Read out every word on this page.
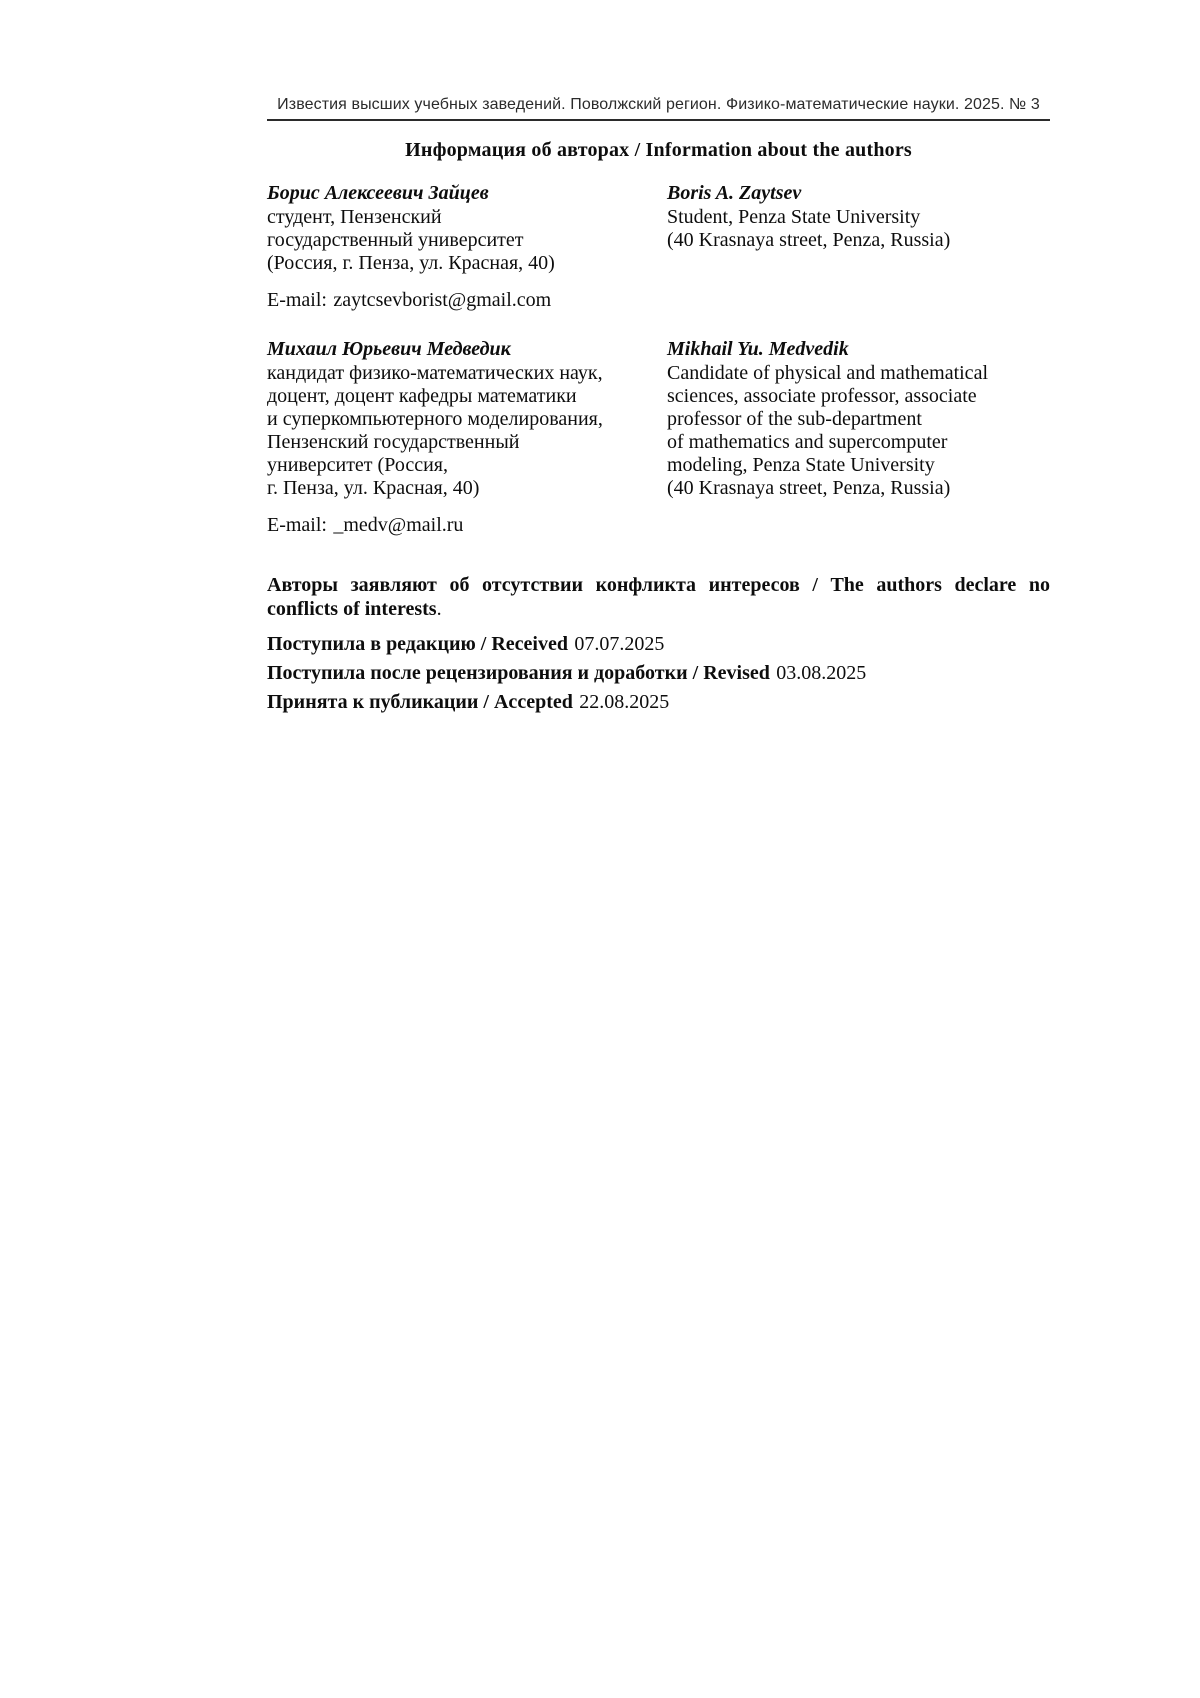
Известия высших учебных заведений. Поволжский регион. Физико-математические науки. 2025. № 3
Информация об авторах / Information about the authors

Борис Алексеевич Зайцев

студент, Пензенский

государственный университет

(Россия, г. Пенза, ул. Красная, 40)

Boris A. Zaytsev

Student, Penza State University

(40 Krasnaya street, Penza, Russia)

E-mail: zaytcsevborist@gmail.com

Михаил Юрьевич Медведик

кандидат физико-математических наук,

доцент, доцент кафедры математики

и суперкомпьютерного моделирования,

Пензенский государственный

университет (Россия,

г. Пенза, ул. Красная, 40)

Mikhail Yu. Medvedik

Candidate of physical and mathematical

sciences, associate professor, associate

professor of the sub-department

of mathematics and supercomputer

modeling, Penza State University

(40 Krasnaya street, Penza, Russia)

E-mail: _medv@mail.ru

Авторы заявляют об отсутствии конфликта интересов / The authors declare no conflicts of interests.

Поступила в редакцию / Received 07.07.2025

Поступила после рецензирования и доработки / Revised 03.08.2025

Принята к публикации / Accepted 22.08.2025
